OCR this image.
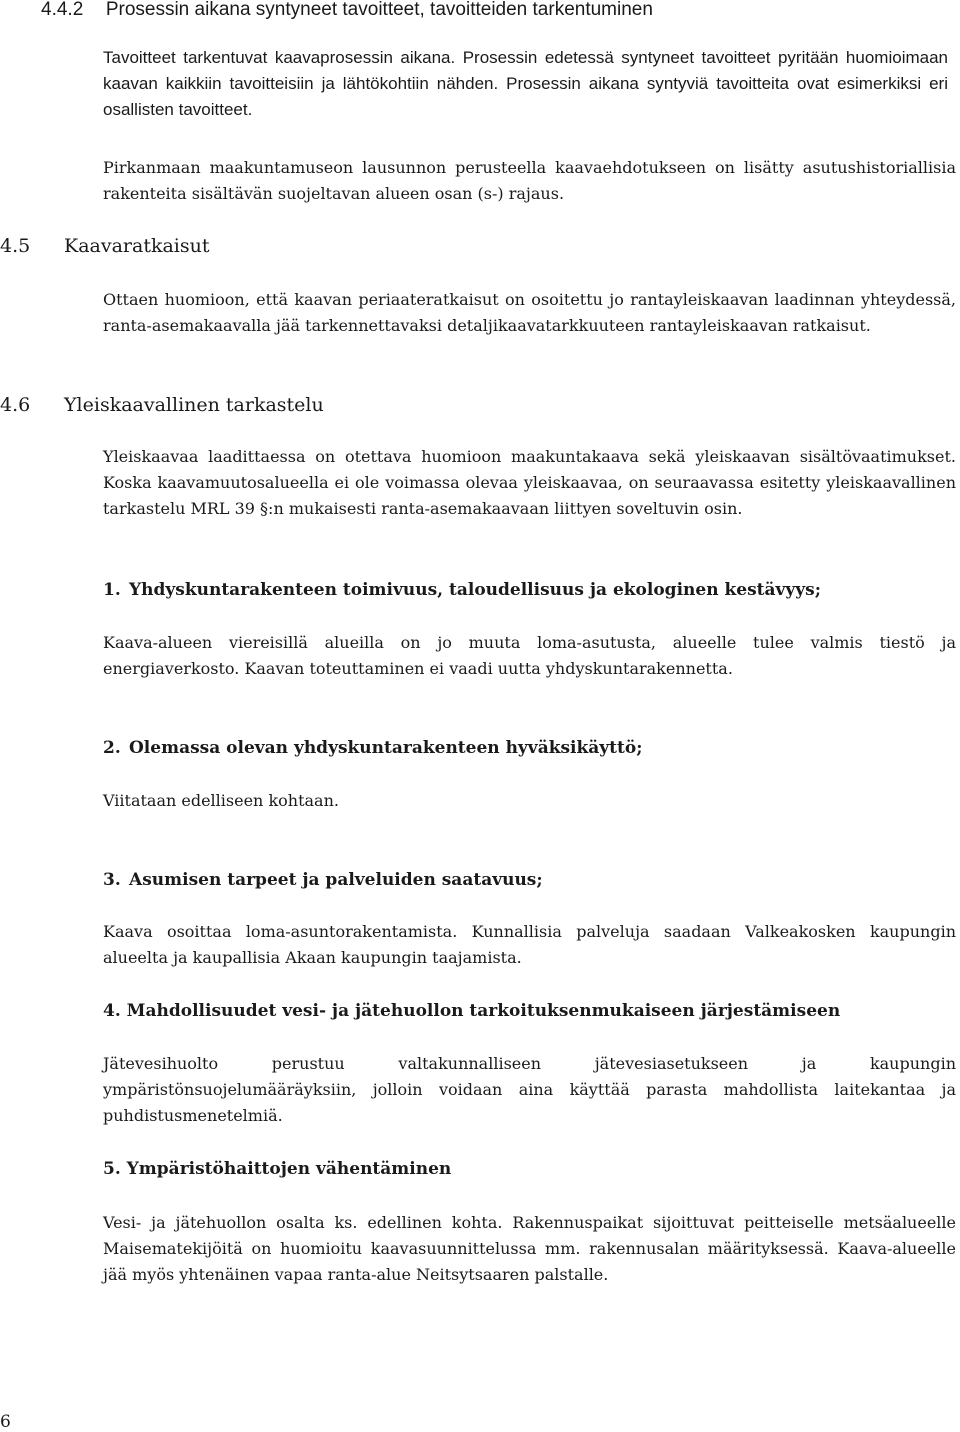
4.4.2 Prosessin aikana syntyneet tavoitteet, tavoitteiden tarkentuminen

Tavoitteet tarkentuvat kaavaprosessin aikana. Prosessin edetessä syntyneet tavoitteet pyritään huomioimaan kaavan kaikkiin tavoitteisiin ja lähtökohtiin nähden. Prosessin aikana syntyviä tavoitteita ovat esimerkiksi eri osallisten tavoitteet.

Pirkanmaan maakuntamuseon lausunnon perusteella kaavaehdotukseen on lisätty asutushistoriallisia rakenteita sisältävän suojeltavan alueen osan (s-) rajaus.

4.5 Kaavaratkaisut

Ottaen huomioon, että kaavan periaateratkaisut on osoitettu jo rantayleiskaavan laadinnan yhteydessä, ranta-asemakaavalla jää tarkennettavaksi detaljikaavatarkkuuteen rantayleiskaavan ratkaisut.

4.6 Yleiskaavallinen tarkastelu

Yleiskaavaa laadittaessa on otettava huomioon maakuntakaava sekä yleiskaavan sisältövaatimukset. Koska kaavamuutosalueella ei ole voimassa olevaa yleiskaavaa, on seuraavassa esitetty yleiskaavallinen tarkastelu MRL 39 §:n mukaisesti ranta-asemakaavaan liittyen soveltuvin osin.

1. Yhdyskuntarakenteen toimivuus, taloudellisuus ja ekologinen kestävyys;

Kaava-alueen viereisillä alueilla on jo muuta loma-asutusta, alueelle tulee valmis tiestö ja energiaverkosto. Kaavan toteuttaminen ei vaadi uutta yhdyskuntarakennetta.

2. Olemassa olevan yhdyskuntarakenteen hyväksikäyttö;

Viitataan edelliseen kohtaan.

3. Asumisen tarpeet ja palveluiden saatavuus;

Kaava osoittaa loma-asuntorakentamista. Kunnallisia palveluja saadaan Valkeakosken kaupungin alueelta ja kaupallisia Akaan kaupungin taajamista.

4. Mahdollisuudet vesi- ja jätehuollon tarkoituksenmukaiseen järjestämiseen

Jätevesihuolto perustuu valtakunnalliseen jätevesiasetukseen ja kaupungin ympäristönsuojelumääräyksiin, jolloin voidaan aina käyttää parasta mahdollista laitekantaa ja puhdistusmenetelmiä.

5. Ympäristöhaittojen vähentäminen

Vesi- ja jätehuollon osalta ks. edellinen kohta. Rakennuspaikat sijoittuvat peitteiselle metsäalueelle Maisematekijöitä on huomioitu kaavasuunnittelussa mm. rakennusalan määrityksessä. Kaava-alueelle jää myös yhtenäinen vapaa ranta-alue Neitsytsaaren palstalle.

6
